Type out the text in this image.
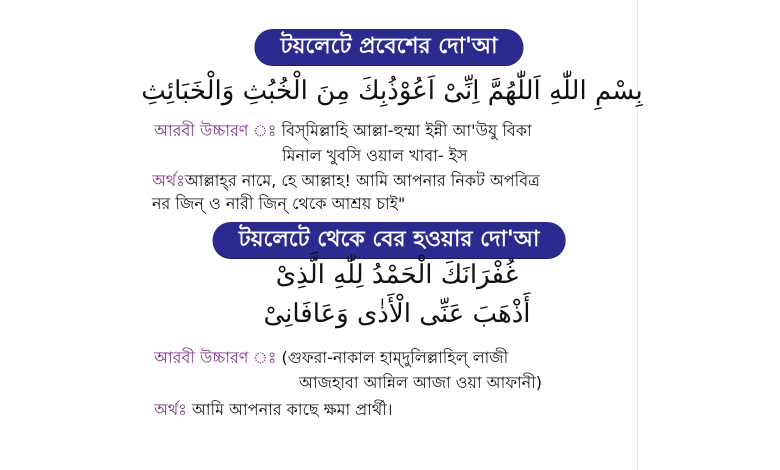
টয়লেটে প্রবেশের দো'আ
بِسْمِ اللّٰهِ اَللّٰهُمَّ اِنِّیْ اَعُوْذُبِكَ مِنَ الْخُبُثِ وَالْخَبَائِثِ
আরবী উচ্চারণ ঃ বিস্‌মিল্লাহি আল্লা-হুম্মা ইন্নী আ'উযু বিকা
মিনাল খুবসি ওয়াল খাবা- ইস
অর্থঃআল্লাহ্‌র নামে, হে আল্লাহ! আমি আপনার নিকট অপবিত্র
নর জিন্‌ ও নারী জিন্‌ থেকে আশ্রয় চাই"
টয়লেটে থেকে বের হওয়ার দো'আ
غُفْرَانَكَ الْحَمْدُ لِلّٰهِ الَّذِىْ
أَذْهَبَ عَنِّى الْأَذٰى وَعَافَانِىْ
আরবী উচ্চারণ ঃ (গুফরা-নাকাল হাম্‌দুলিল্লাহিল্‌ লাজী
আজহাবা আন্নিল আজা ওয়া আফানী)
অর্থঃ আমি আপনার কাছে ক্ষমা প্রার্থী।
